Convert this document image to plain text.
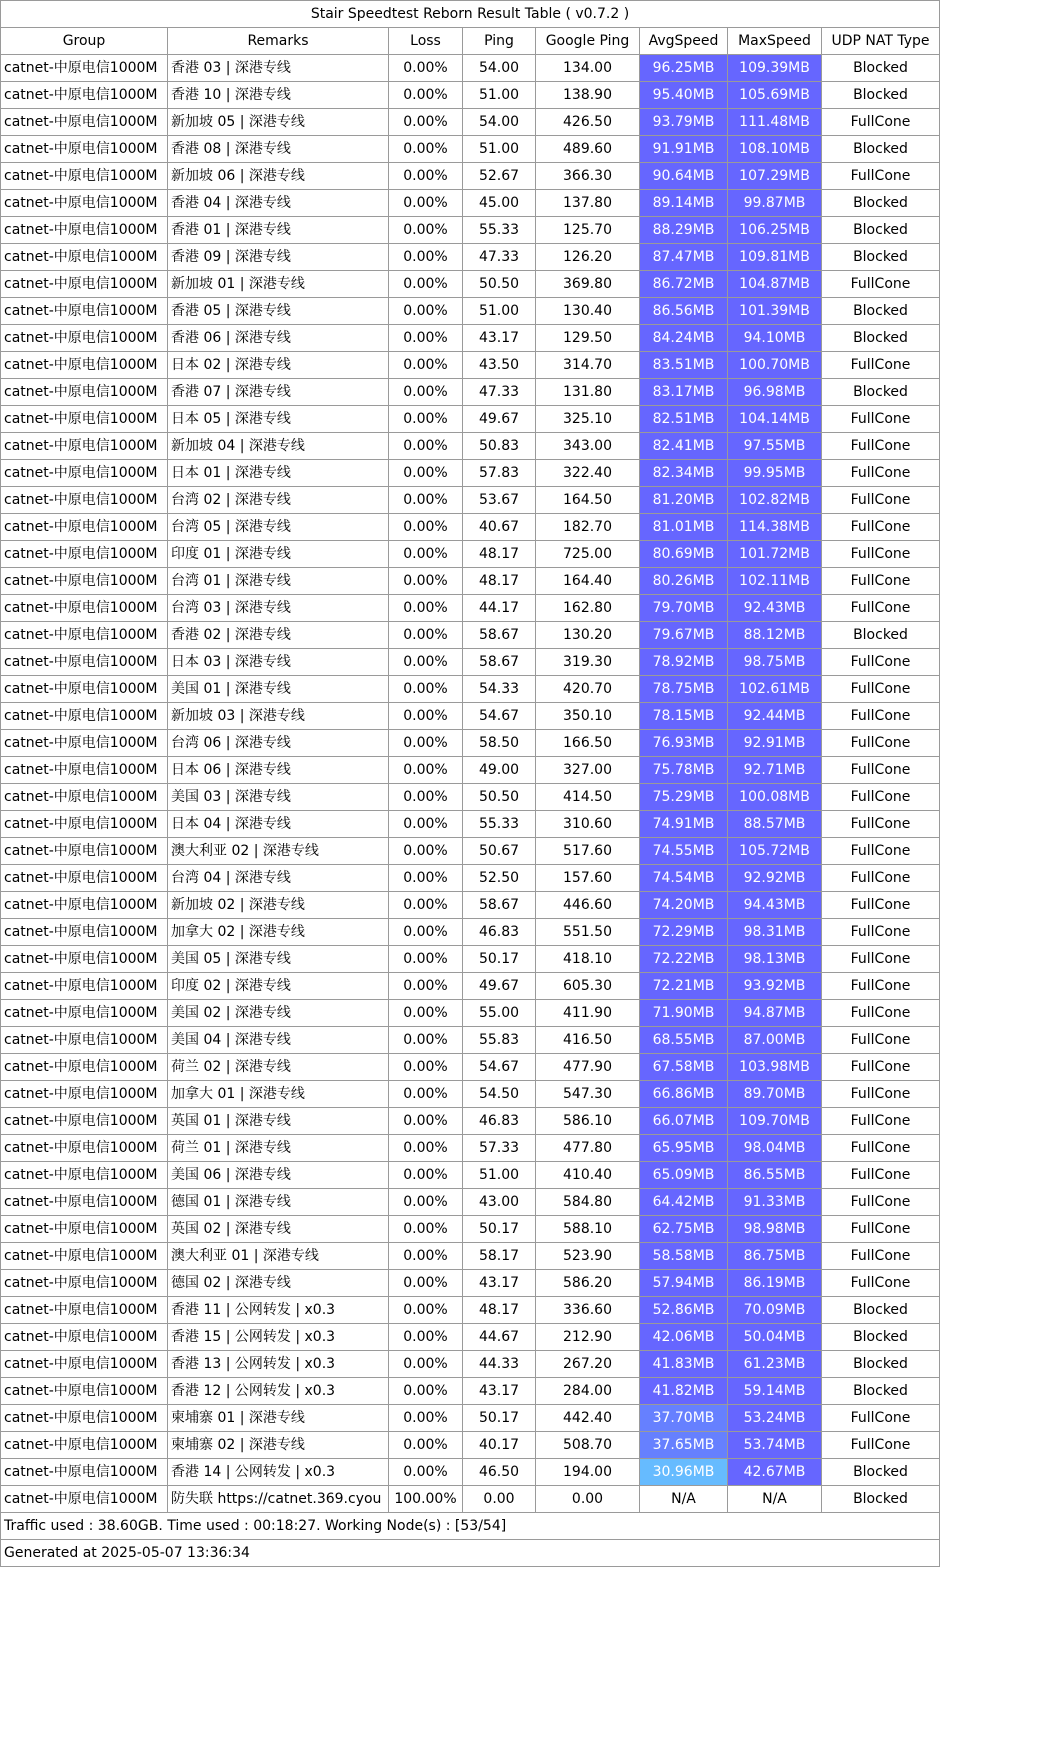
Stair Speedtest Reborn Result Table ( v0.7.2 )							
Group	Remarks	Loss	Ping	Google Ping	AvgSpeed	MaxSpeed	UDP NAT Type
catnet-中原电信1000M	香港 03 | 深港专线	0.00%	54.00	134.00	96.25MB	109.39MB	Blocked
catnet-中原电信1000M	香港 10 | 深港专线	0.00%	51.00	138.90	95.40MB	105.69MB	Blocked
catnet-中原电信1000M	新加坡 05 | 深港专线	0.00%	54.00	426.50	93.79MB	111.48MB	FullCone
catnet-中原电信1000M	香港 08 | 深港专线	0.00%	51.00	489.60	91.91MB	108.10MB	Blocked
catnet-中原电信1000M	新加坡 06 | 深港专线	0.00%	52.67	366.30	90.64MB	107.29MB	FullCone
catnet-中原电信1000M	香港 04 | 深港专线	0.00%	45.00	137.80	89.14MB	99.87MB	Blocked
catnet-中原电信1000M	香港 01 | 深港专线	0.00%	55.33	125.70	88.29MB	106.25MB	Blocked
catnet-中原电信1000M	香港 09 | 深港专线	0.00%	47.33	126.20	87.47MB	109.81MB	Blocked
catnet-中原电信1000M	新加坡 01 | 深港专线	0.00%	50.50	369.80	86.72MB	104.87MB	FullCone
catnet-中原电信1000M	香港 05 | 深港专线	0.00%	51.00	130.40	86.56MB	101.39MB	Blocked
catnet-中原电信1000M	香港 06 | 深港专线	0.00%	43.17	129.50	84.24MB	94.10MB	Blocked
catnet-中原电信1000M	日本 02 | 深港专线	0.00%	43.50	314.70	83.51MB	100.70MB	FullCone
catnet-中原电信1000M	香港 07 | 深港专线	0.00%	47.33	131.80	83.17MB	96.98MB	Blocked
catnet-中原电信1000M	日本 05 | 深港专线	0.00%	49.67	325.10	82.51MB	104.14MB	FullCone
catnet-中原电信1000M	新加坡 04 | 深港专线	0.00%	50.83	343.00	82.41MB	97.55MB	FullCone
catnet-中原电信1000M	日本 01 | 深港专线	0.00%	57.83	322.40	82.34MB	99.95MB	FullCone
catnet-中原电信1000M	台湾 02 | 深港专线	0.00%	53.67	164.50	81.20MB	102.82MB	FullCone
catnet-中原电信1000M	台湾 05 | 深港专线	0.00%	40.67	182.70	81.01MB	114.38MB	FullCone
catnet-中原电信1000M	印度 01 | 深港专线	0.00%	48.17	725.00	80.69MB	101.72MB	FullCone
catnet-中原电信1000M	台湾 01 | 深港专线	0.00%	48.17	164.40	80.26MB	102.11MB	FullCone
catnet-中原电信1000M	台湾 03 | 深港专线	0.00%	44.17	162.80	79.70MB	92.43MB	FullCone
catnet-中原电信1000M	香港 02 | 深港专线	0.00%	58.67	130.20	79.67MB	88.12MB	Blocked
catnet-中原电信1000M	日本 03 | 深港专线	0.00%	58.67	319.30	78.92MB	98.75MB	FullCone
catnet-中原电信1000M	美国 01 | 深港专线	0.00%	54.33	420.70	78.75MB	102.61MB	FullCone
catnet-中原电信1000M	新加坡 03 | 深港专线	0.00%	54.67	350.10	78.15MB	92.44MB	FullCone
catnet-中原电信1000M	台湾 06 | 深港专线	0.00%	58.50	166.50	76.93MB	92.91MB	FullCone
catnet-中原电信1000M	日本 06 | 深港专线	0.00%	49.00	327.00	75.78MB	92.71MB	FullCone
catnet-中原电信1000M	美国 03 | 深港专线	0.00%	50.50	414.50	75.29MB	100.08MB	FullCone
catnet-中原电信1000M	日本 04 | 深港专线	0.00%	55.33	310.60	74.91MB	88.57MB	FullCone
catnet-中原电信1000M	澳大利亚 02 | 深港专线	0.00%	50.67	517.60	74.55MB	105.72MB	FullCone
catnet-中原电信1000M	台湾 04 | 深港专线	0.00%	52.50	157.60	74.54MB	92.92MB	FullCone
catnet-中原电信1000M	新加坡 02 | 深港专线	0.00%	58.67	446.60	74.20MB	94.43MB	FullCone
catnet-中原电信1000M	加拿大 02 | 深港专线	0.00%	46.83	551.50	72.29MB	98.31MB	FullCone
catnet-中原电信1000M	美国 05 | 深港专线	0.00%	50.17	418.10	72.22MB	98.13MB	FullCone
catnet-中原电信1000M	印度 02 | 深港专线	0.00%	49.67	605.30	72.21MB	93.92MB	FullCone
catnet-中原电信1000M	美国 02 | 深港专线	0.00%	55.00	411.90	71.90MB	94.87MB	FullCone
catnet-中原电信1000M	美国 04 | 深港专线	0.00%	55.83	416.50	68.55MB	87.00MB	FullCone
catnet-中原电信1000M	荷兰 02 | 深港专线	0.00%	54.67	477.90	67.58MB	103.98MB	FullCone
catnet-中原电信1000M	加拿大 01 | 深港专线	0.00%	54.50	547.30	66.86MB	89.70MB	FullCone
catnet-中原电信1000M	英国 01 | 深港专线	0.00%	46.83	586.10	66.07MB	109.70MB	FullCone
catnet-中原电信1000M	荷兰 01 | 深港专线	0.00%	57.33	477.80	65.95MB	98.04MB	FullCone
catnet-中原电信1000M	美国 06 | 深港专线	0.00%	51.00	410.40	65.09MB	86.55MB	FullCone
catnet-中原电信1000M	德国 01 | 深港专线	0.00%	43.00	584.80	64.42MB	91.33MB	FullCone
catnet-中原电信1000M	英国 02 | 深港专线	0.00%	50.17	588.10	62.75MB	98.98MB	FullCone
catnet-中原电信1000M	澳大利亚 01 | 深港专线	0.00%	58.17	523.90	58.58MB	86.75MB	FullCone
catnet-中原电信1000M	德国 02 | 深港专线	0.00%	43.17	586.20	57.94MB	86.19MB	FullCone
catnet-中原电信1000M	香港 11 | 公网转发 | x0.3	0.00%	48.17	336.60	52.86MB	70.09MB	Blocked
catnet-中原电信1000M	香港 15 | 公网转发 | x0.3	0.00%	44.67	212.90	42.06MB	50.04MB	Blocked
catnet-中原电信1000M	香港 13 | 公网转发 | x0.3	0.00%	44.33	267.20	41.83MB	61.23MB	Blocked
catnet-中原电信1000M	香港 12 | 公网转发 | x0.3	0.00%	43.17	284.00	41.82MB	59.14MB	Blocked
catnet-中原电信1000M	柬埔寨 01 | 深港专线	0.00%	50.17	442.40	37.70MB	53.24MB	FullCone
catnet-中原电信1000M	柬埔寨 02 | 深港专线	0.00%	40.17	508.70	37.65MB	53.74MB	FullCone
catnet-中原电信1000M	香港 14 | 公网转发 | x0.3	0.00%	46.50	194.00	30.96MB	42.67MB	Blocked
catnet-中原电信1000M	防失联 https://catnet.369.cyou	100.00%	0.00	0.00	N/A	N/A	Blocked
Traffic used : 38.60GB. Time used : 00:18:27. Working Node(s) : [53/54]							
Generated at 2025-05-07 13:36:34							
